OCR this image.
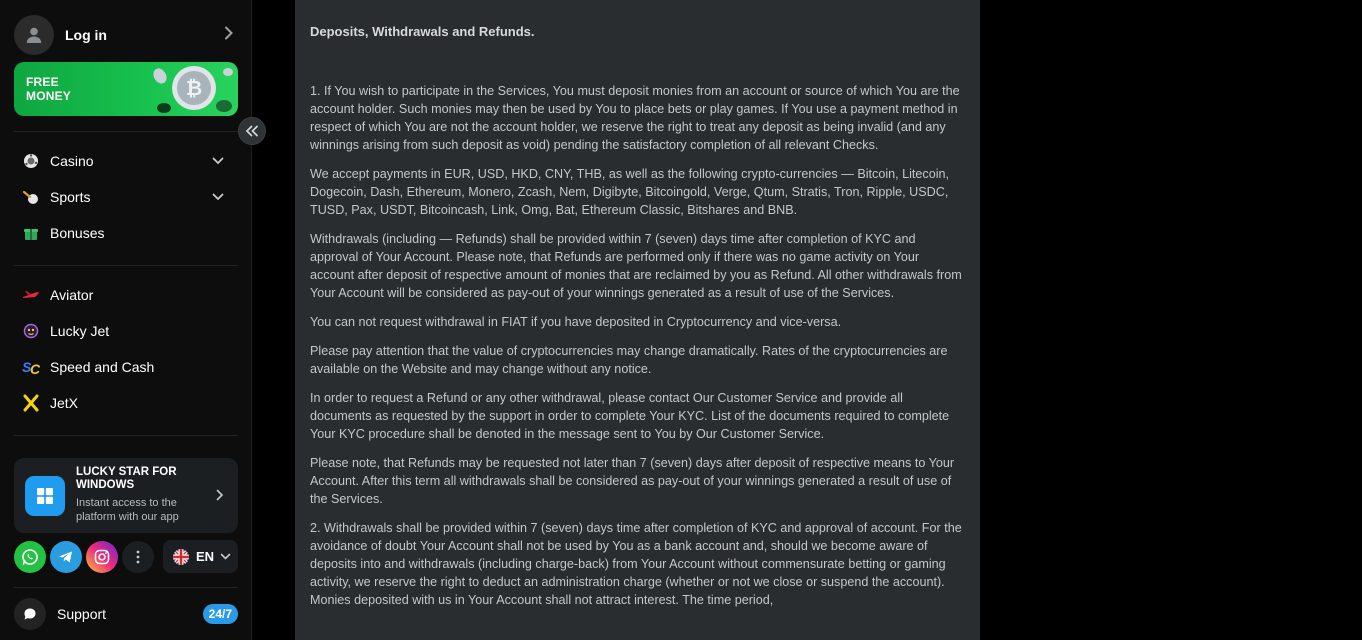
Log in
FREE MONEY	₿
Casino
Sports
Bonuses
Aviator
Lucky Jet
S
C Speed and Cash
JetX
LUCKY STAR FOR WINDOWS
Instant access to the platform with our app
EN
Support	24/7
Deposits, Withdrawals and Refunds.

1. If You wish to participate in the Services, You must deposit monies from an account or source of which You are the account holder. Such monies may then be used by You to place bets or play games. If You use a payment method in respect of which You are not the account holder, we reserve the right to treat any deposit as being invalid (and any winnings arising from such deposit as void) pending the satisfactory completion of all relevant Checks.

We accept payments in EUR, USD, HKD, CNY, THB, as well as the following crypto-currencies — Bitcoin, Litecoin, Dogecoin, Dash, Ethereum, Monero, Zcash, Nem, Digibyte, Bitcoingold, Verge, Qtum, Stratis, Tron, Ripple, USDC, TUSD, Pax, USDT, Bitcoincash, Link, Omg, Bat, Ethereum Classic, Bitshares and BNB.

Withdrawals (including — Refunds) shall be provided within 7 (seven) days time after completion of KYC and approval of Your Account. Please note, that Refunds are performed only if there was no game activity on Your account after deposit of respective amount of monies that are reclaimed by you as Refund. All other withdrawals from Your Account will be considered as pay-out of your winnings generated as a result of use of the Services.

You can not request withdrawal in FIAT if you have deposited in Cryptocurrency and vice-versa.

Please pay attention that the value of cryptocurrencies may change dramatically. Rates of the cryptocurrencies are available on the Website and may change without any notice.

In order to request a Refund or any other withdrawal, please contact Our Customer Service and provide all documents as requested by the support in order to complete Your KYC. List of the documents required to complete Your KYC procedure shall be denoted in the message sent to You by Our Customer Service.

Please note, that Refunds may be requested not later than 7 (seven) days after deposit of respective means to Your Account. After this term all withdrawals shall be considered as pay-out of your winnings generated a result of use of the Services.

2. Withdrawals shall be provided within 7 (seven) days time after completion of KYC and approval of account. For the avoidance of doubt Your Account shall not be used by You as a bank account and, should we become aware of deposits into and withdrawals (including charge-back) from Your Account without commensurate betting or gaming activity, we reserve the right to deduct an administration charge (whether or not we close or suspend the account). Monies deposited with us in Your Account shall not attract interest. The time period,
